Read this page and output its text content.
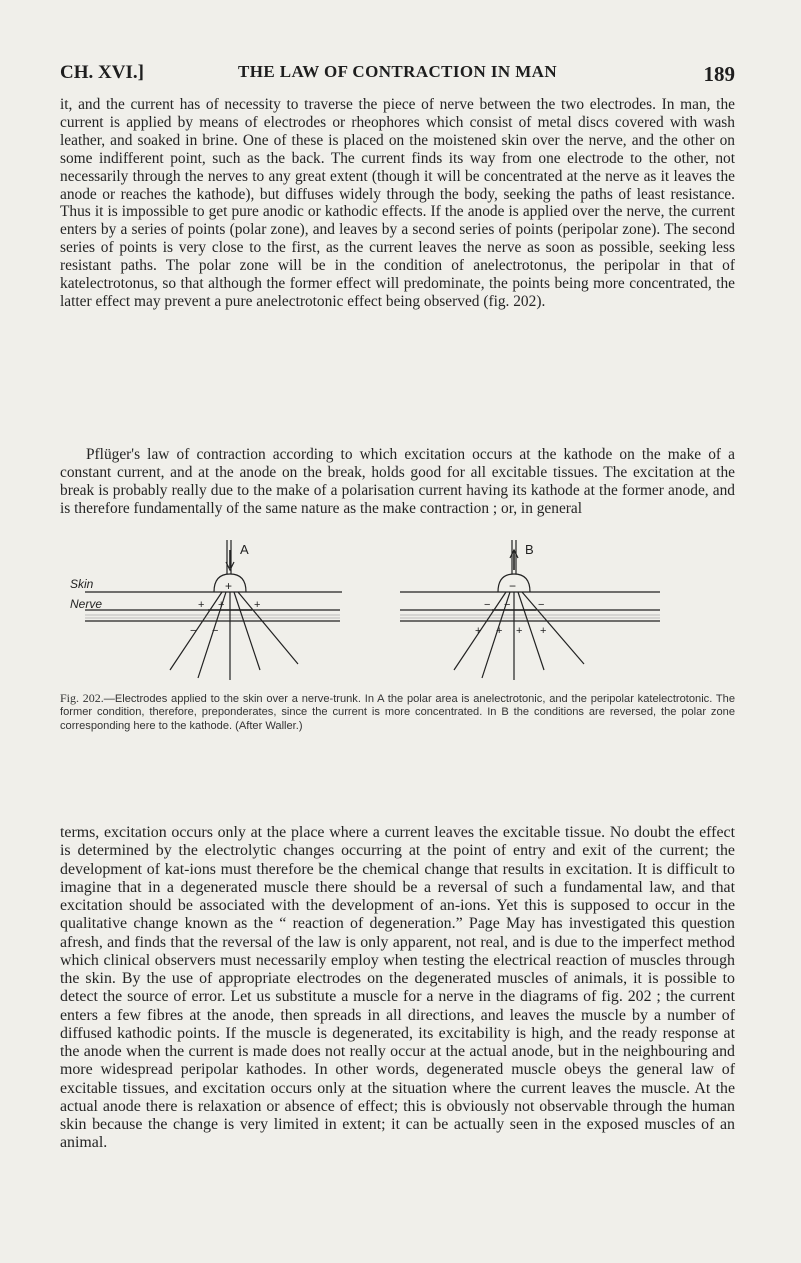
CH. XVI.]	THE LAW OF CONTRACTION IN MAN	189

it, and the current has of necessity to traverse the piece of nerve between the two electrodes. In man, the current is applied by means of electrodes or rheophores which consist of metal discs covered with wash leather, and soaked in brine. One of these is placed on the moistened skin over the nerve, and the other on some indifferent point, such as the back. The current finds its way from one electrode to the other, not necessarily through the nerves to any great extent (though it will be concentrated at the nerve as it leaves the anode or reaches the kathode), but diffuses widely through the body, seeking the paths of least resistance. Thus it is impossible to get pure anodic or kathodic effects. If the anode is applied over the nerve, the current enters by a series of points (polar zone), and leaves by a second series of points (peripolar zone). The second series of points is very close to the first, as the current leaves the nerve as soon as possible, seeking less resistant paths. The polar zone will be in the condition of anelectrotonus, the peripolar in that of katelectrotonus, so that although the former effect will predominate, the points being more concentrated, the latter effect may prevent a pure anelectrotonic effect being observed (fig. 202).

Pflüger's law of contraction according to which excitation occurs at the kathode on the make of a constant current, and at the anode on the break, holds good for all excitable tissues. The excitation at the break is probably really due to the make of a polarisation current having its kathode at the former anode, and is therefore fundamentally of the same nature as the make contraction ; or, in general

A	B
Skin
Nerve
+
+ +	+
− −
−
− −	−
+ + + +

Fig. 202.—Electrodes applied to the skin over a nerve-trunk. In A the polar area is anelectrotonic, and the peripolar katelectrotonic. The former condition, therefore, preponderates, since the current is more concentrated. In B the conditions are reversed, the polar zone corresponding here to the kathode. (After Waller.)

terms, excitation occurs only at the place where a current leaves the excitable tissue. No doubt the effect is determined by the electrolytic changes occurring at the point of entry and exit of the current; the development of kat-ions must therefore be the chemical change that results in excitation. It is difficult to imagine that in a degenerated muscle there should be a reversal of such a fundamental law, and that excitation should be associated with the development of an-ions. Yet this is supposed to occur in the qualitative change known as the “ reaction of degeneration.” Page May has investigated this question afresh, and finds that the reversal of the law is only apparent, not real, and is due to the imperfect method which clinical observers must necessarily employ when testing the electrical reaction of muscles through the skin. By the use of appropriate electrodes on the degenerated muscles of animals, it is possible to detect the source of error. Let us substitute a muscle for a nerve in the diagrams of fig. 202 ; the current enters a few fibres at the anode, then spreads in all directions, and leaves the muscle by a number of diffused kathodic points. If the muscle is degenerated, its excitability is high, and the ready response at the anode when the current is made does not really occur at the actual anode, but in the neighbouring and more widespread peripolar kathodes. In other words, degenerated muscle obeys the general law of excitable tissues, and excitation occurs only at the situation where the current leaves the muscle. At the actual anode there is relaxation or absence of effect; this is obviously not observable through the human skin because the change is very limited in extent; it can be actually seen in the exposed muscles of an animal.
